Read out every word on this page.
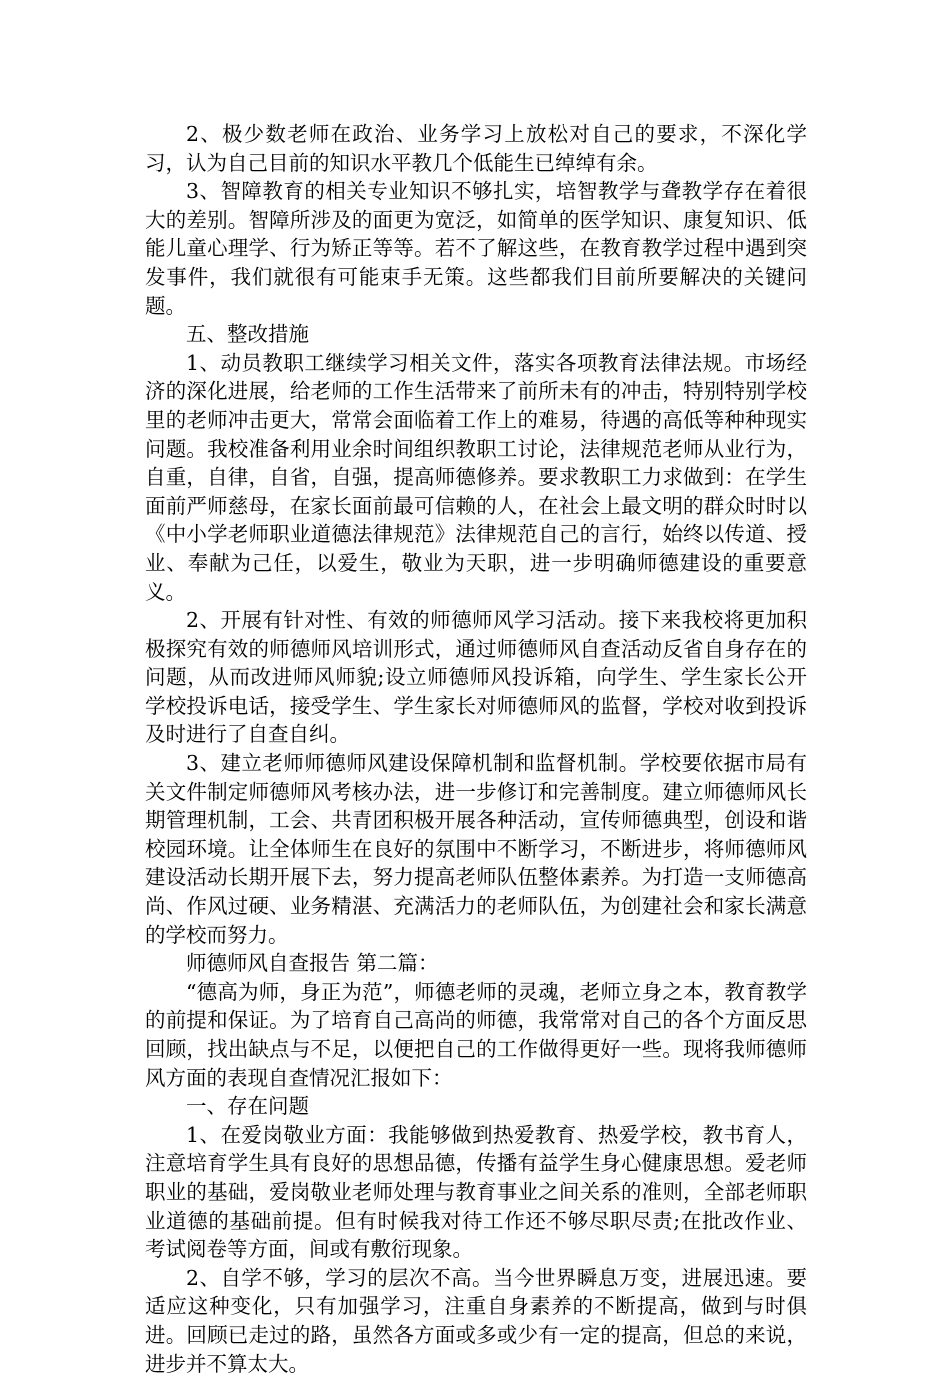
2、极少数老师在政治、业务学习上放松对自己的要求，不深化学习，认为自己目前的知识水平教几个低能生已绰绰有余。

3、智障教育的相关专业知识不够扎实，培智教学与聋教学存在着很大的差别。智障所涉及的面更为宽泛，如简单的医学知识、康复知识、低能儿童心理学、行为矫正等等。若不了解这些，在教育教学过程中遇到突发事件，我们就很有可能束手无策。这些都我们目前所要解决的关键问题。

五、整改措施

1、动员教职工继续学习相关文件，落实各项教育法律法规。市场经济的深化进展，给老师的工作生活带来了前所未有的冲击，特别特别学校里的老师冲击更大，常常会面临着工作上的难易，待遇的高低等种种现实问题。我校准备利用业余时间组织教职工讨论，法律规范老师从业行为，自重，自律，自省，自强，提高师德修养。要求教职工力求做到：在学生面前严师慈母，在家长面前最可信赖的人，在社会上最文明的群众时时以《中小学老师职业道德法律规范》法律规范自己的言行，始终以传道、授业、奉献为己任，以爱生，敬业为天职，进一步明确师德建设的重要意义。

2、开展有针对性、有效的师德师风学习活动。接下来我校将更加积极探究有效的师德师风培训形式，通过师德师风自查活动反省自身存在的问题，从而改进师风师貌;设立师德师风投诉箱，向学生、学生家长公开学校投诉电话，接受学生、学生家长对师德师风的监督，学校对收到投诉及时进行了自查自纠。

3、建立老师师德师风建设保障机制和监督机制。学校要依据市局有关文件制定师德师风考核办法，进一步修订和完善制度。建立师德师风长期管理机制，工会、共青团积极开展各种活动，宣传师德典型，创设和谐校园环境。让全体师生在良好的氛围中不断学习，不断进步，将师德师风建设活动长期开展下去，努力提高老师队伍整体素养。为打造一支师德高尚、作风过硬、业务精湛、充满活力的老师队伍，为创建社会和家长满意的学校而努力。

师德师风自查报告 第二篇：

“德高为师，身正为范”，师德老师的灵魂，老师立身之本，教育教学的前提和保证。为了培育自己高尚的师德，我常常对自己的各个方面反思回顾，找出缺点与不足，以便把自己的工作做得更好一些。现将我师德师风方面的表现自查情况汇报如下：

一、存在问题

1、在爱岗敬业方面：我能够做到热爱教育、热爱学校，教书育人，注意培育学生具有良好的思想品德，传播有益学生身心健康思想。爱老师职业的基础，爱岗敬业老师处理与教育事业之间关系的准则，全部老师职业道德的基础前提。但有时候我对待工作还不够尽职尽责;在批改作业、考试阅卷等方面，间或有敷衍现象。

2、自学不够，学习的层次不高。当今世界瞬息万变，进展迅速。要适应这种变化，只有加强学习，注重自身素养的不断提高，做到与时俱进。回顾已走过的路，虽然各方面或多或少有一定的提高，但总的来说，进步并不算太大。
